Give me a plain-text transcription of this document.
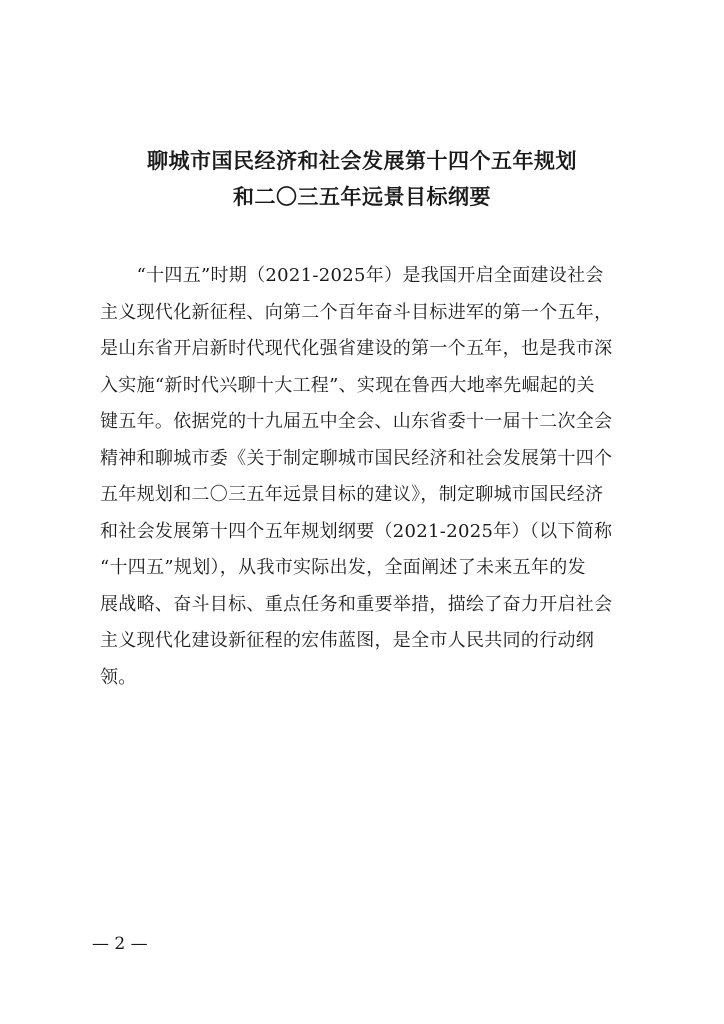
聊城市国民经济和社会发展第十四个五年规划
和二〇三五年远景目标纲要
　　“十四五”时期（2021-2025年）是我国开启全面建设社会
主义现代化新征程、向第二个百年奋斗目标进军的第一个五年，
是山东省开启新时代现代化强省建设的第一个五年，也是我市深
入实施“新时代兴聊十大工程”、实现在鲁西大地率先崛起的关
键五年。依据党的十九届五中全会、山东省委十一届十二次全会
精神和聊城市委《关于制定聊城市国民经济和社会发展第十四个
五年规划和二〇三五年远景目标的建议》，制定聊城市国民经济
和社会发展第十四个五年规划纲要（2021-2025年）（以下简称
“十四五”规划），从我市实际出发，全面阐述了未来五年的发
展战略、奋斗目标、重点任务和重要举措，描绘了奋力开启社会
主义现代化建设新征程的宏伟蓝图，是全市人民共同的行动纲
领。
— 2 —
